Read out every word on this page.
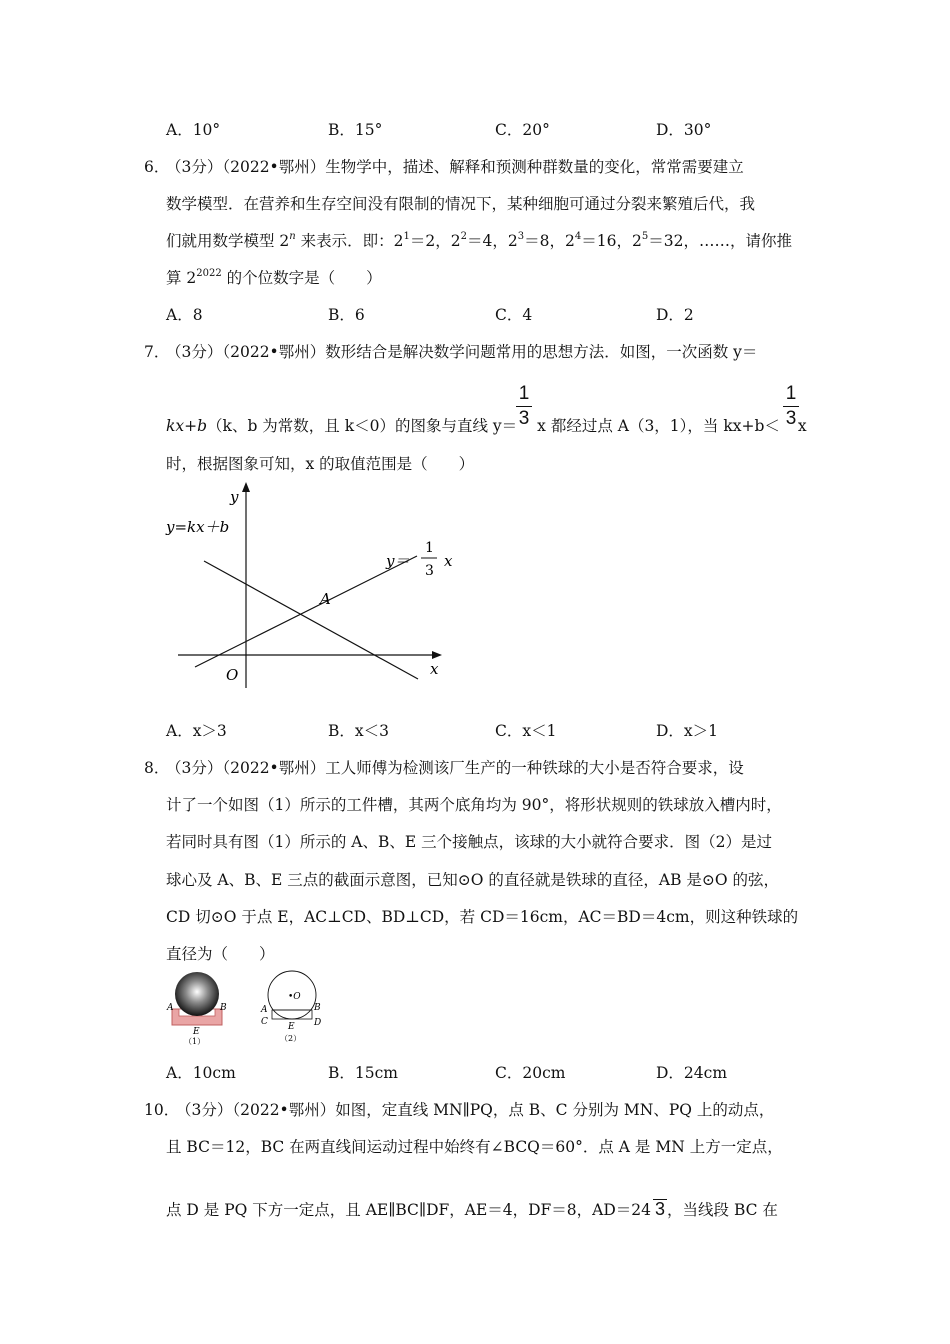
A．10°	B．15°	C．20°	D．30°
6．
（3分）（2022•鄂州）生物学中，描述、解释和预测种群数量的变化，常常需要建立
数学模型．在营养和生存空间没有限制的情况下，某种细胞可通过分裂来繁殖后代，我
们就用数学模型 2$^n$ 来表示．即：$2^1=2$，$2^2=4$，$2^3=8$，$2^4=16$，$2^5=32$，……，请你推
算 $2^{2022}$ 的个位数字是（　　）
A．8	B．6	C．4	D．2
7．
（3分）（2022•鄂州）数形结合是解决数学问题常用的思想方法．如图，一次函数 y＝
kx+b（k、b 为常数，且 k＜0）的图象与直线 y＝ x 都经过点 A（3，1），当 kx+b＜ x
1
3
1
3
时，根据图象可知，x 的取值范围是（　　）
y
x
O
A
y=kx＋b
y＝
1
3
x
A．x＞3	B．x＜3	C．x＜1	D．x＞1
8．
（3分）（2022•鄂州）工人师傅为检测该厂生产的一种铁球的大小是否符合要求，设
计了一个如图（1）所示的工件槽，其两个底角均为 90°，将形状规则的铁球放入槽内时，
若同时具有图（1）所示的 A、B、E 三个接触点，该球的大小就符合要求．图（2）是过
球心及 A、B、E 三点的截面示意图，已知⊙O 的直径就是铁球的直径，AB 是⊙O 的弦，
CD 切⊙O 于点 E，AC⊥CD、BD⊥CD，若 CD＝16cm，AC＝BD＝4cm，则这种铁球的
直径为（　　）
A	B
E
（1）
•O
A	B
C	D
E
（2）
A．10cm	B．15cm	C．20cm	D．24cm
10．
（3分）（2022•鄂州）如图，定直线 MN∥PQ，点 B、C 分别为 MN、PQ 上的动点，
且 BC＝12，BC 在两直线间运动过程中始终有∠BCQ＝60°．点 A 是 MN 上方一定点，
点 D 是 PQ 下方一定点，且 AE∥BC∥DF，AE＝4，DF＝8，AD＝24 3 ，当线段 BC 在
